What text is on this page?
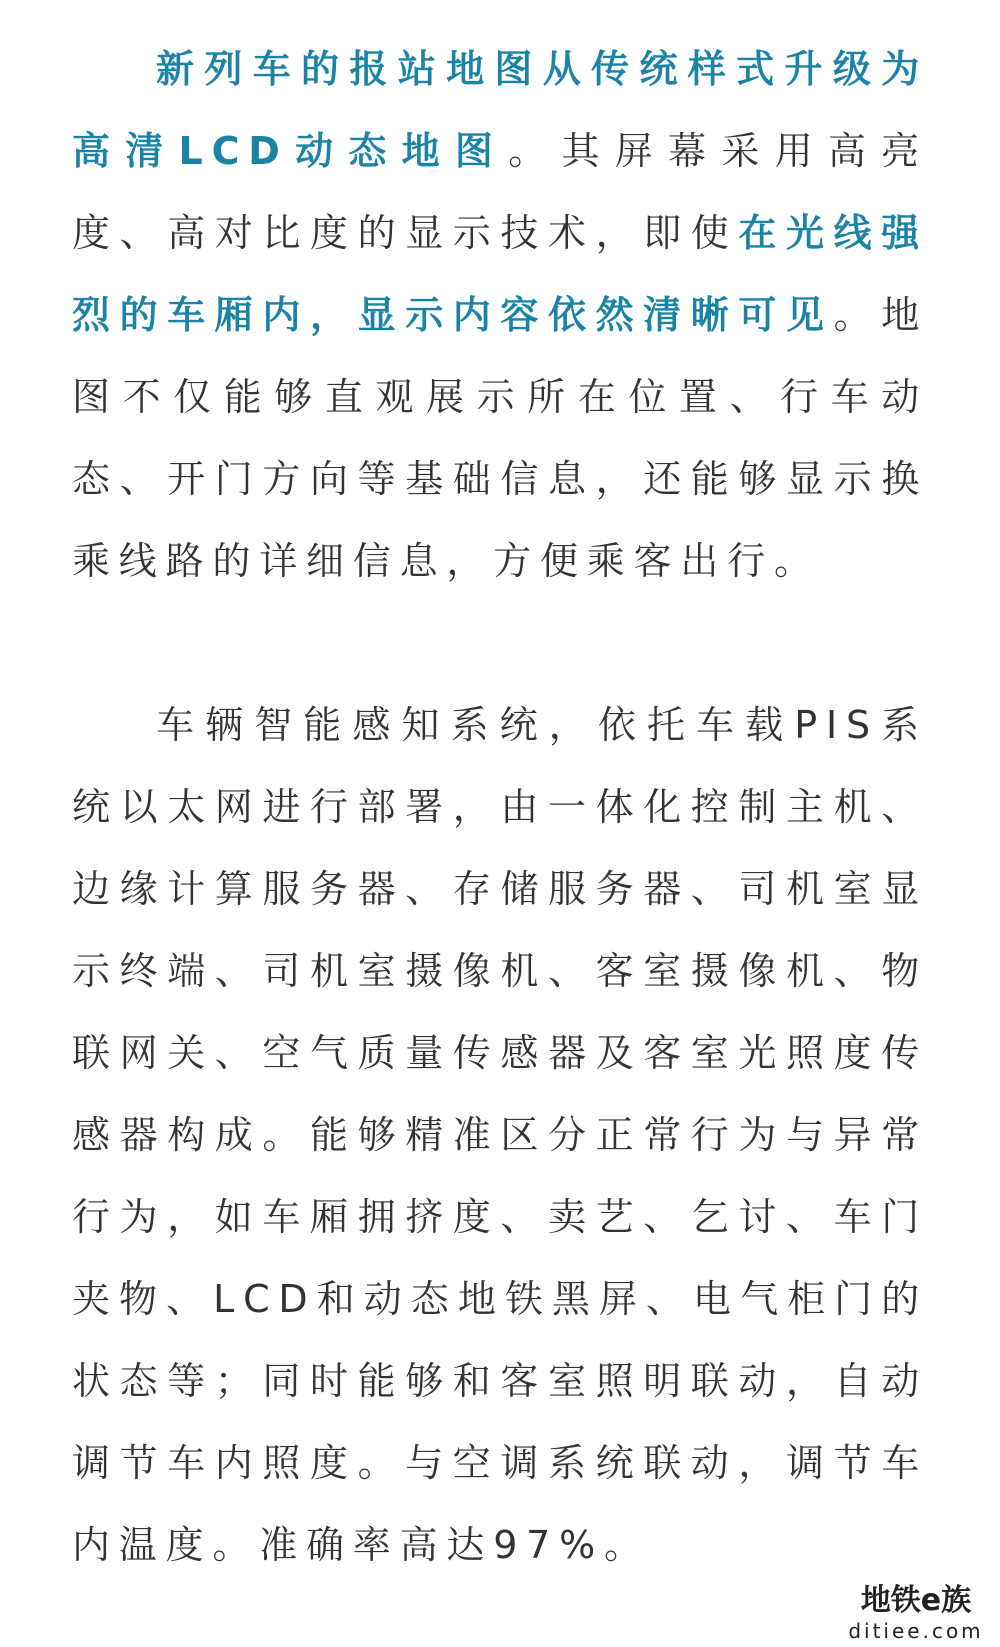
新列车的报站地图从传统样式升级为高清LCD动态地图。其屏幕采用高亮度、高对比度的显示技术，即使在光线强烈的车厢内，显示内容依然清晰可见。地图不仅能够直观展示所在位置、行车动态、开门方向等基础信息，还能够显示换乘线路的详细信息，方便乘客出行。

车辆智能感知系统，依托车载PIS系统以太网进行部署，由一体化控制主机、边缘计算服务器、存储服务器、司机室显示终端、司机室摄像机、客室摄像机、物联网关、空气质量传感器及客室光照度传感器构成。能够精准区分正常行为与异常行为，如车厢拥挤度、卖艺、乞讨、车门夹物、LCD和动态地铁黑屏、电气柜门的状态等；同时能够和客室照明联动，自动调节车内照度。与空调系统联动，调节车内温度。准确率高达97%。

地铁e族
ditiee.com
